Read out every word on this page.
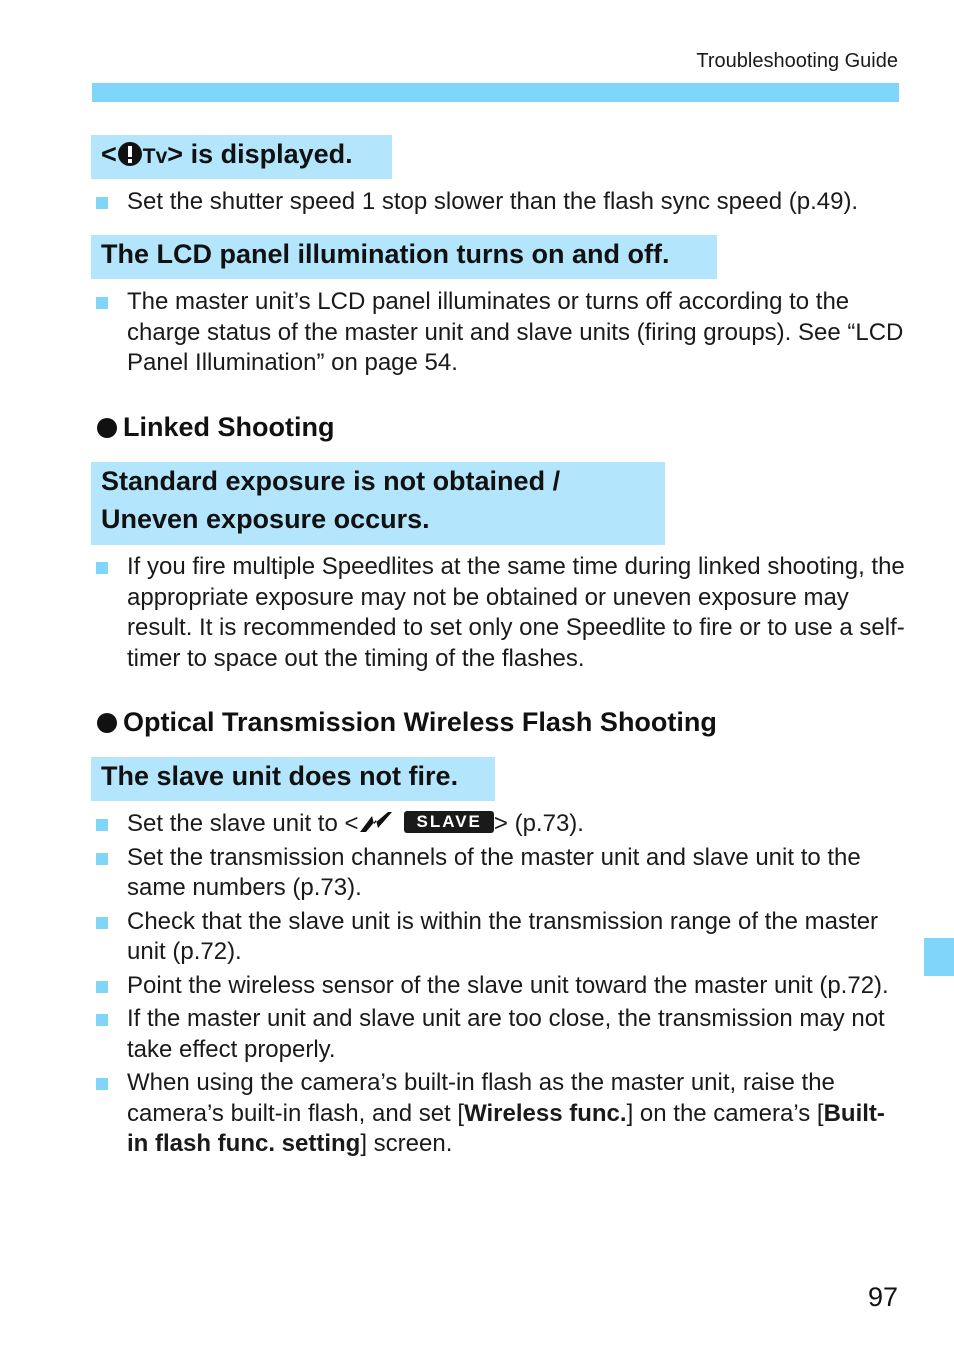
Troubleshooting Guide
< Tv> is displayed.
Set the shutter speed 1 stop slower than the flash sync speed (p.49).
The LCD panel illumination turns on and off.
The master unit’s LCD panel illuminates or turns off according to the charge status of the master unit and slave units (firing groups). See “LCD Panel Illumination” on page 54.
Linked Shooting
Standard exposure is not obtained /
Uneven exposure occurs.
If you fire multiple Speedlites at the same time during linked shooting, the appropriate exposure may not be obtained or uneven exposure may result. It is recommended to set only one Speedlite to fire or to use a self-timer to space out the timing of the flashes.
Optical Transmission Wireless Flash Shooting
The slave unit does not fire.
Set the slave unit to <	SLAVE > (p.73).
Set the transmission channels of the master unit and slave unit to the same numbers (p.73).
Check that the slave unit is within the transmission range of the master unit (p.72).
Point the wireless sensor of the slave unit toward the master unit (p.72).
If the master unit and slave unit are too close, the transmission may not take effect properly.
When using the camera’s built-in flash as the master unit, raise the camera’s built-in flash, and set [Wireless func.] on the camera’s [Built-in flash func. setting] screen.
97
